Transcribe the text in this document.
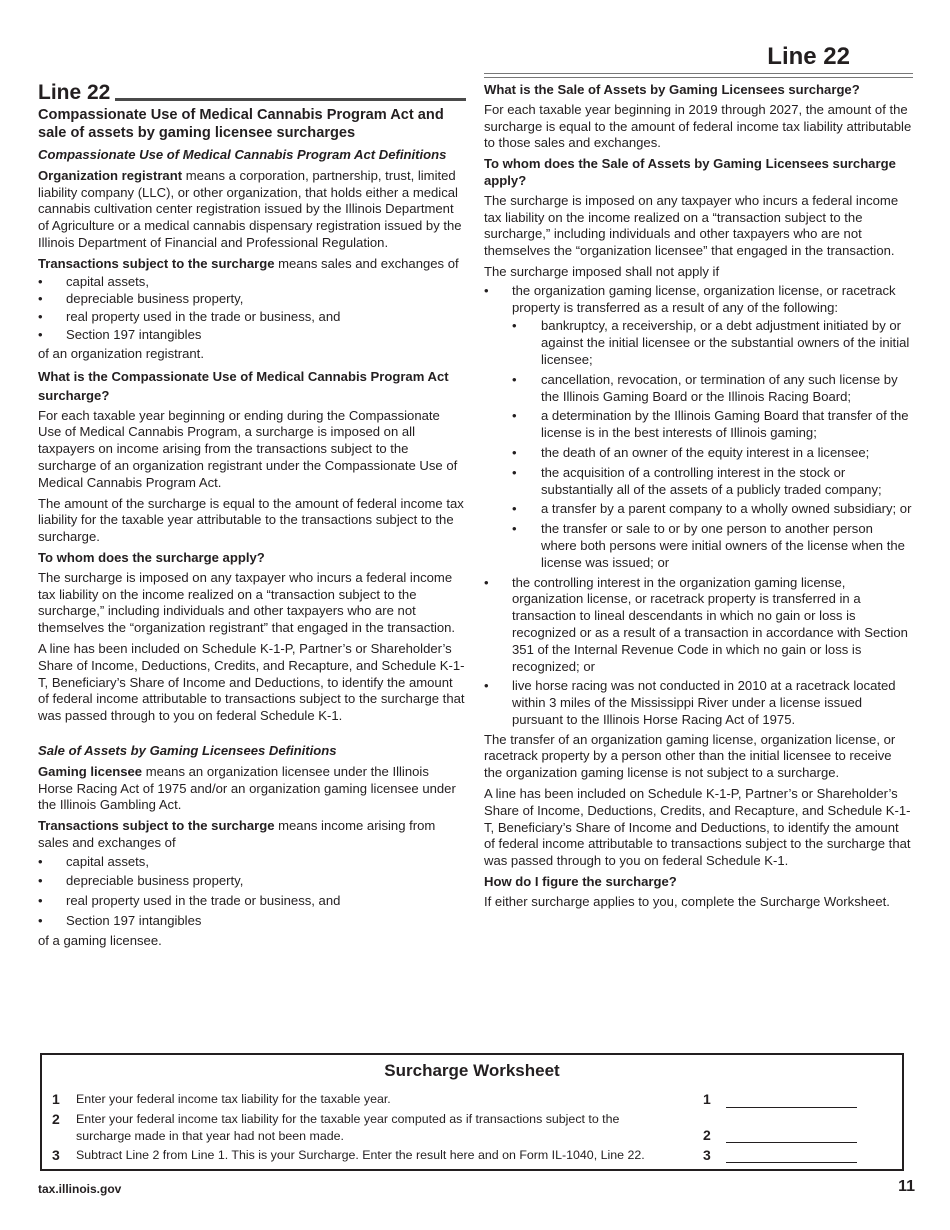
Line 22
Line 22
Compassionate Use of Medical Cannabis Program Act and sale of assets by gaming licensee surcharges
Compassionate Use of Medical Cannabis Program Act Definitions

Organization registrant means a corporation, partnership, trust, limited liability company (LLC), or other organization, that holds either a medical cannabis cultivation center registration issued by the Illinois Department of Agriculture or a medical cannabis dispensary registration issued by the Illinois Department of Financial and Professional Regulation.

Transactions subject to the surcharge means sales and exchanges of

• capital assets,
• depreciable business property,
• real property used in the trade or business, and
• Section 197 intangibles

of an organization registrant.

What is the Compassionate Use of Medical Cannabis Program Act surcharge?

For each taxable year beginning or ending during the Compassionate Use of Medical Cannabis Program, a surcharge is imposed on all taxpayers on income arising from the transactions subject to the surcharge of an organization registrant under the Compassionate Use of Medical Cannabis Program Act.

The amount of the surcharge is equal to the amount of federal income tax liability for the taxable year attributable to the transactions subject to the surcharge.

To whom does the surcharge apply?

The surcharge is imposed on any taxpayer who incurs a federal income tax liability on the income realized on a “transaction subject to the surcharge,” including individuals and other taxpayers who are not themselves the “organization registrant” that engaged in the transaction.

A line has been included on Schedule K-1-P, Partner’s or Shareholder’s Share of Income, Deductions, Credits, and Recapture, and Schedule K-1-T, Beneficiary’s Share of Income and Deductions, to identify the amount of federal income attributable to transactions subject to the surcharge that was passed through to you on federal Schedule K-1.

Sale of Assets by Gaming Licensees Definitions

Gaming licensee means an organization licensee under the Illinois Horse Racing Act of 1975 and/or an organization gaming licensee under the Illinois Gambling Act.

Transactions subject to the surcharge means income arising from sales and exchanges of

• capital assets,
• depreciable business property,
• real property used in the trade or business, and
• Section 197 intangibles

of a gaming licensee.

What is the Sale of Assets by Gaming Licensees surcharge?

For each taxable year beginning in 2019 through 2027, the amount of the surcharge is equal to the amount of federal income tax liability attributable to those sales and exchanges.

To whom does the Sale of Assets by Gaming Licensees surcharge apply?

The surcharge is imposed on any taxpayer who incurs a federal income tax liability on the income realized on a “transaction subject to the surcharge,” including individuals and other taxpayers who are not themselves the “organization licensee” that engaged in the transaction.

The surcharge imposed shall not apply if

• the organization gaming license, organization license, or racetrack property is transferred as a result of any of the following:
• bankruptcy, a receivership, or a debt adjustment initiated by or against the initial licensee or the substantial owners of the initial licensee;
• cancellation, revocation, or termination of any such license by the Illinois Gaming Board or the Illinois Racing Board;
• a determination by the Illinois Gaming Board that transfer of the license is in the best interests of Illinois gaming;
• the death of an owner of the equity interest in a licensee;
• the acquisition of a controlling interest in the stock or substantially all of the assets of a publicly traded company;
• a transfer by a parent company to a wholly owned subsidiary; or
• the transfer or sale to or by one person to another person where both persons were initial owners of the license when the license was issued; or
• the controlling interest in the organization gaming license, organization license, or racetrack property is transferred in a transaction to lineal descendants in which no gain or loss is recognized or as a result of a transaction in accordance with Section 351 of the Internal Revenue Code in which no gain or loss is recognized; or
• live horse racing was not conducted in 2010 at a racetrack located within 3 miles of the Mississippi River under a license issued pursuant to the Illinois Horse Racing Act of 1975.

The transfer of an organization gaming license, organization license, or racetrack property by a person other than the initial licensee to receive the organization gaming license is not subject to a surcharge.

A line has been included on Schedule K-1-P, Partner’s or Shareholder’s Share of Income, Deductions, Credits, and Recapture, and Schedule K-1-T, Beneficiary’s Share of Income and Deductions, to identify the amount of federal income attributable to transactions subject to the surcharge that was passed through to you on federal Schedule K-1.

How do I figure the surcharge?

If either surcharge applies to you, complete the Surcharge Worksheet.

Surcharge Worksheet
1 Enter your federal income tax liability for the taxable year.	1
2 Enter your federal income tax liability for the taxable year computed as if transactions subject to the surcharge made in that year had not been made.	2
3 Subtract Line 2 from Line 1. This is your Surcharge. Enter the result here and on Form IL-1040, Line 22.	3
tax.illinois.gov	11
